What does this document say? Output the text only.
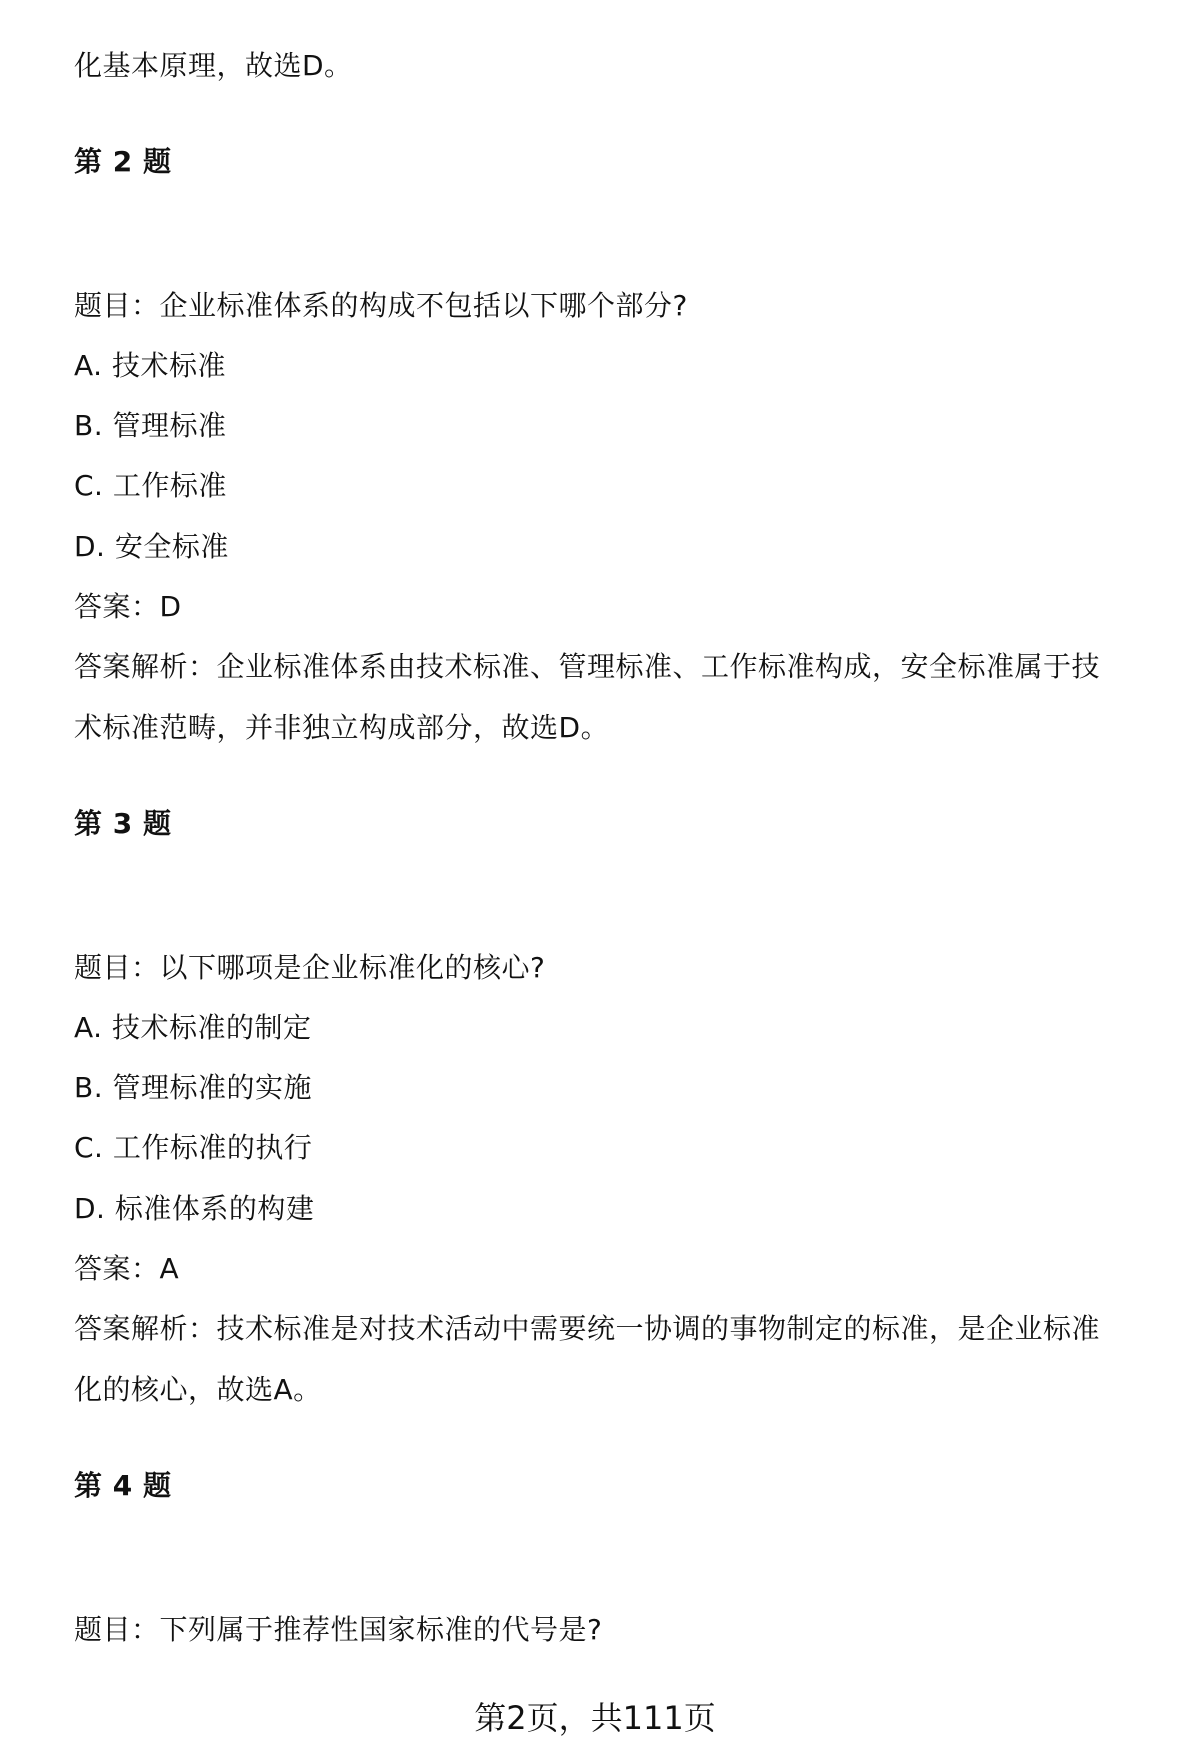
化基本原理，故选D。
第 2 题
题目：企业标准体系的构成不包括以下哪个部分?
A. 技术标准
B. 管理标准
C. 工作标准
D. 安全标准
答案：D
答案解析：企业标准体系由技术标准、管理标准、工作标准构成，安全标准属于技
术标准范畴，并非独立构成部分，故选D。
第 3 题
题目：以下哪项是企业标准化的核心?
A. 技术标准的制定
B. 管理标准的实施
C. 工作标准的执行
D. 标准体系的构建
答案：A
答案解析：技术标准是对技术活动中需要统一协调的事物制定的标准，是企业标准
化的核心，故选A。
第 4 题
题目：下列属于推荐性国家标准的代号是?
第2页，共111页
